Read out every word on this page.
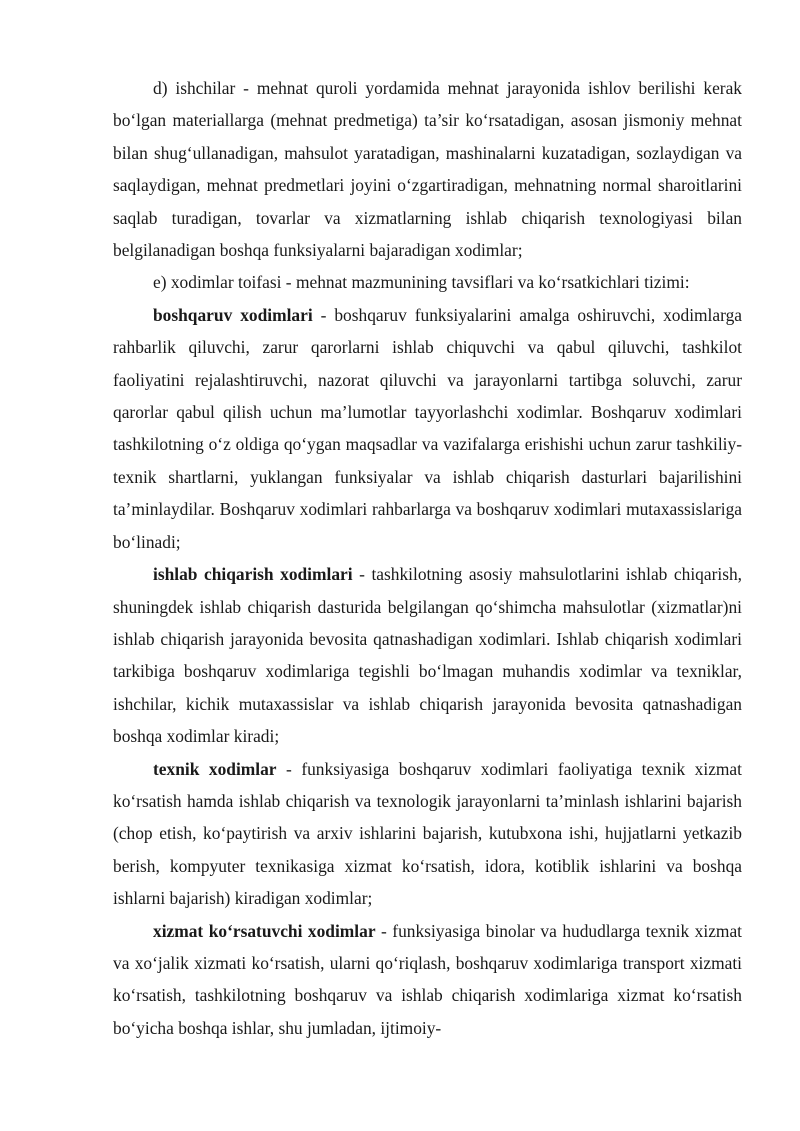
d) ishchilar - mehnat quroli yordamida mehnat jarayonida ishlov berilishi kerak bo‘lgan materiallarga (mehnat predmetiga) ta’sir ko‘rsatadigan, asosan jismoniy mehnat bilan shug‘ullanadigan, mahsulot yaratadigan, mashinalarni kuzatadigan, sozlaydigan va saqlaydigan, mehnat predmetlari joyini o‘zgartiradigan, mehnatning normal sharoitlarini saqlab turadigan, tovarlar va xizmatlarning ishlab chiqarish texnologiyasi bilan belgilanadigan boshqa funksiyalarni bajaradigan xodimlar;

e) xodimlar toifasi - mehnat mazmunining tavsiflari va ko‘rsatkichlari tizimi:

boshqaruv xodimlari - boshqaruv funksiyalarini amalga oshiruvchi, xodimlarga rahbarlik qiluvchi, zarur qarorlarni ishlab chiquvchi va qabul qiluvchi, tashkilot faoliyatini rejalashtiruvchi, nazorat qiluvchi va jarayonlarni tartibga soluvchi, zarur qarorlar qabul qilish uchun ma’lumotlar tayyorlashchi xodimlar. Boshqaruv xodimlari tashkilotning o‘z oldiga qo‘ygan maqsadlar va vazifalarga erishishi uchun zarur tashkiliy- texnik shartlarni, yuklangan funksiyalar va ishlab chiqarish dasturlari bajarilishini ta’minlaydilar. Boshqaruv xodimlari rahbarlarga va boshqaruv xodimlari mutaxassislariga bo‘linadi;

ishlab chiqarish xodimlari - tashkilotning asosiy mahsulotlarini ishlab chiqarish, shuningdek ishlab chiqarish dasturida belgilangan qo‘shimcha mahsulotlar (xizmatlar)ni ishlab chiqarish jarayonida bevosita qatnashadigan xodimlari. Ishlab chiqarish xodimlari tarkibiga boshqaruv xodimlariga tegishli bo‘lmagan muhandis xodimlar va texniklar, ishchilar, kichik mutaxassislar va ishlab chiqarish jarayonida bevosita qatnashadigan boshqa xodimlar kiradi;

texnik xodimlar - funksiyasiga boshqaruv xodimlari faoliyatiga texnik xizmat ko‘rsatish hamda ishlab chiqarish va texnologik jarayonlarni ta’minlash ishlarini bajarish (chop etish, ko‘paytirish va arxiv ishlarini bajarish, kutubxona ishi, hujjatlarni yetkazib berish, kompyuter texnikasiga xizmat ko‘rsatish, idora, kotiblik ishlarini va boshqa ishlarni bajarish) kiradigan xodimlar;

xizmat ko‘rsatuvchi xodimlar - funksiyasiga binolar va hududlarga texnik xizmat va xo‘jalik xizmati ko‘rsatish, ularni qo‘riqlash, boshqaruv xodimlariga transport xizmati ko‘rsatish, tashkilotning boshqaruv va ishlab chiqarish xodimlariga xizmat ko‘rsatish bo‘yicha boshqa ishlar, shu jumladan, ijtimoiy-
